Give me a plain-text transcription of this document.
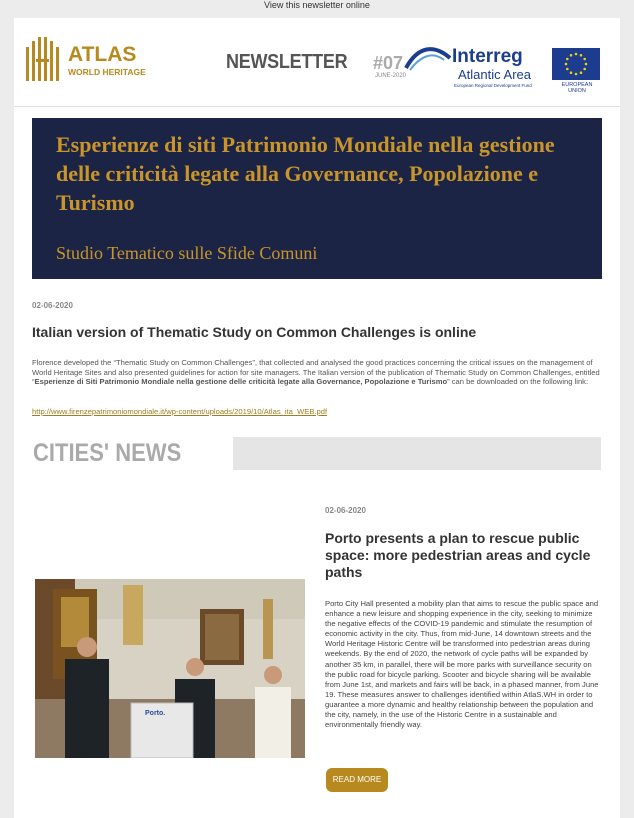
View this newsletter online
ATLAS
WORLD HERITAGE	NEWSLETTER #07
JUNE-2020
Interreg
Atlantic Area
European Regional Development Fund	EUROPEAN UNION
Esperienze di siti Patrimonio Mondiale nella gestione delle criticità legate alla Governance, Popolazione e Turismo
Studio Tematico sulle Sfide Comuni
02-06-2020
Italian version of Thematic Study on Common Challenges is online
Florence developed the “Thematic Study on Common Challenges”, that collected and analysed the good practices concerning the critical issues on the management of World Heritage Sites and also presented guidelines for action for site managers. The Italian version of the publication of Thematic Study on Common Challenges, entitled “Esperienze di Siti Patrimonio Mondiale nella gestione delle criticità legate alla Governance, Popolazione e Turismo” can be downloaded on the following link:
http://www.firenzepatrimoniomondiale.it/wp-content/uploads/2019/10/Atlas_ita_WEB.pdf
CITIES' NEWS
Porto.
02-06-2020
Porto presents a plan to rescue public space: more pedestrian areas and cycle paths
Porto City Hall presented a mobility plan that aims to rescue the public space and enhance a new leisure and shopping experience in the city, seeking to minimize the negative effects of the COVID-19 pandemic and stimulate the resumption of economic activity in the city. Thus, from mid-June, 14 downtown streets and the World Heritage Historic Centre will be transformed into pedestrian areas during weekends. By the end of 2020, the network of cycle paths will be expanded by another 35 km, in parallel, there will be more parks with surveillance security on the public road for bicycle parking. Scooter and bicycle sharing will be available from June 1st, and markets and fairs will be back, in a phased manner, from June 19. These measures answer to challenges identified within AtlaS.WH in order to guarantee a more dynamic and healthy relationship between the population and the city, namely, in the use of the Historic Centre in a sustainable and environmentally friendly way.
READ MORE
